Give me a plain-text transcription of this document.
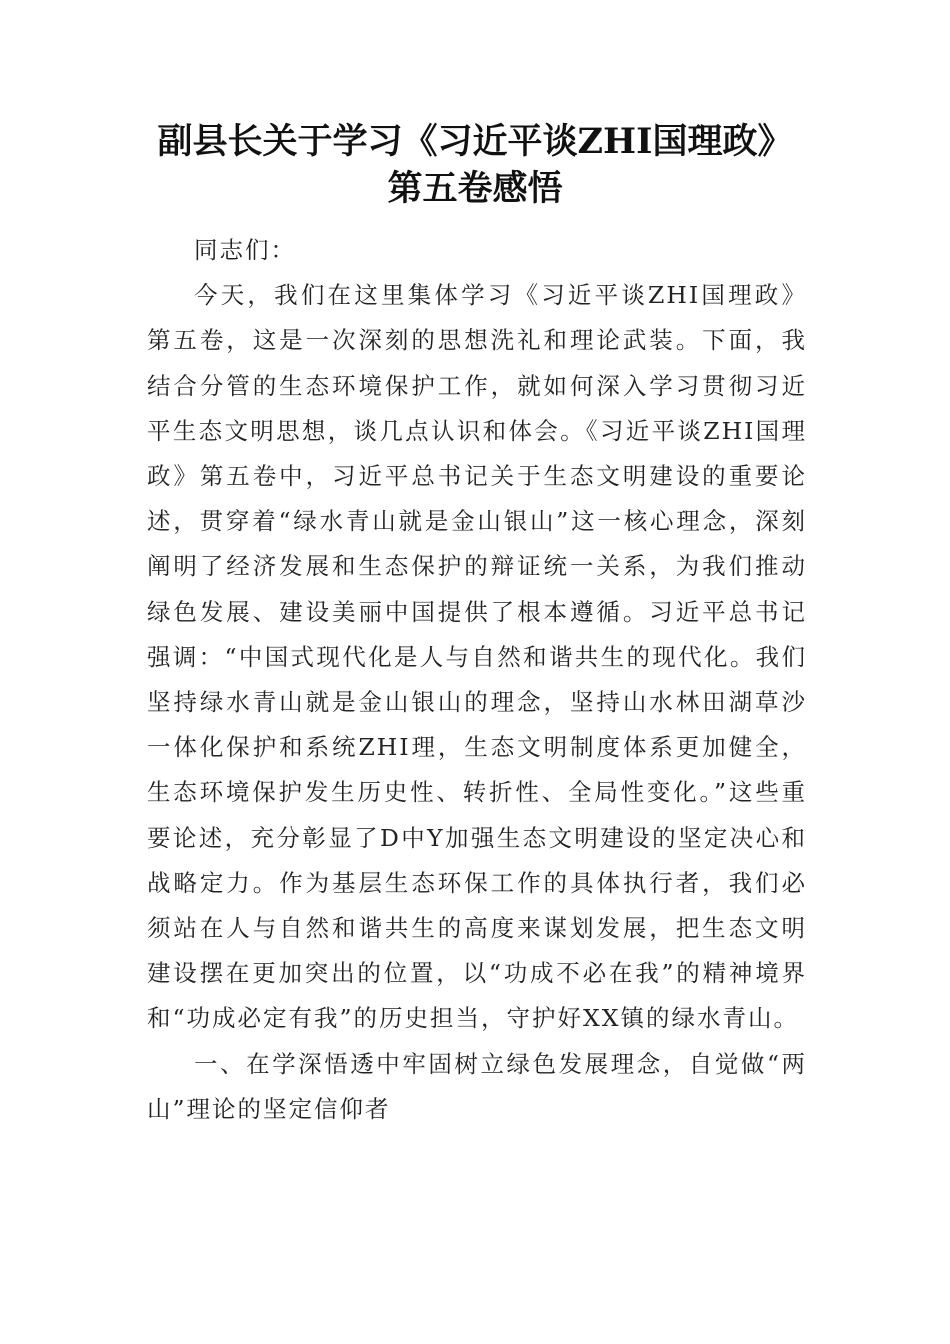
副县长关于学习《习近平谈ZHI国理政》
第五卷感悟

同志们：

今天，我们在这里集体学习《习近平谈ZHI国理政》第五卷，这是一次深刻的思想洗礼和理论武装。下面，我结合分管的生态环境保护工作，就如何深入学习贯彻习近平生态文明思想，谈几点认识和体会。《习近平谈ZHI国理政》第五卷中，习近平总书记关于生态文明建设的重要论述，贯穿着“绿水青山就是金山银山”这一核心理念，深刻阐明了经济发展和生态保护的辩证统一关系，为我们推动绿色发展、建设美丽中国提供了根本遵循。习近平总书记强调：“中国式现代化是人与自然和谐共生的现代化。我们坚持绿水青山就是金山银山的理念，坚持山水林田湖草沙一体化保护和系统ZHI理，生态文明制度体系更加健全，生态环境保护发生历史性、转折性、全局性变化。”这些重要论述，充分彰显了D中Y加强生态文明建设的坚定决心和战略定力。作为基层生态环保工作的具体执行者，我们必须站在人与自然和谐共生的高度来谋划发展，把生态文明建设摆在更加突出的位置，以“功成不必在我”的精神境界和“功成必定有我”的历史担当，守护好XX镇的绿水青山。

一、在学深悟透中牢固树立绿色发展理念，自觉做“两山”理论的坚定信仰者
